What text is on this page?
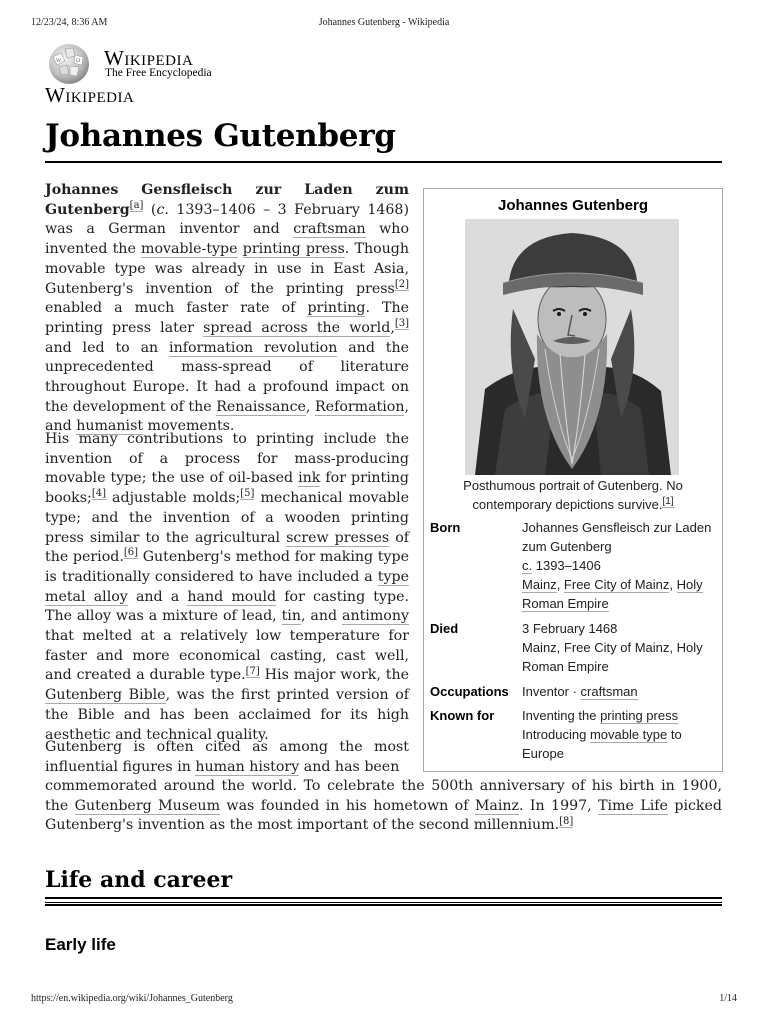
12/23/24, 8:36 AM	Johannes Gutenberg - Wikipedia
W	Ω Wikipedia
The Free Encyclopedia
Wikipedia
Johannes Gutenberg

Johannes Gensfleisch zur Laden zum Gutenberg[a] (c. 1393–1406 – 3 February 1468) was a German inventor and craftsman who invented the movable-type printing press. Though movable type was already in use in East Asia, Gutenberg's invention of the printing press[2] enabled a much faster rate of printing. The printing press later spread across the world,[3] and led to an information revolution and the unprecedented mass-spread of literature throughout Europe. It had a profound impact on the development of the Renaissance, Reformation, and humanist movements.

His many contributions to printing include the invention of a process for mass-producing movable type; the use of oil-based ink for printing books;[4] adjustable molds;[5] mechanical movable type; and the invention of a wooden printing press similar to the agricultural screw presses of the period.[6] Gutenberg's method for making type is traditionally considered to have included a type metal alloy and a hand mould for casting type. The alloy was a mixture of lead, tin, and antimony that melted at a relatively low temperature for faster and more economical casting, cast well, and created a durable type.[7] His major work, the Gutenberg Bible, was the first printed version of the Bible and has been acclaimed for its high aesthetic and technical quality.

Gutenberg is often cited as among the most influential figures in human history and has been

commemorated around the world. To celebrate the 500th anniversary of his birth in 1900, the Gutenberg Museum was founded in his hometown of Mainz. In 1997, Time Life picked Gutenberg's invention as the most important of the second millennium.[8]
Johannes Gutenberg
Posthumous portrait of Gutenberg. No contemporary depictions survive.[1]
Born	Johannes Gensfleisch zur Laden zum Gutenberg
c. 1393–1406
Mainz, Free City of Mainz, Holy Roman Empire
Died	3 February 1468
Mainz, Free City of Mainz, Holy Roman Empire
Occupations	Inventor · craftsman
Known for	Inventing the printing press
Introducing movable type to Europe
Life and career
Early life
https://en.wikipedia.org/wiki/Johannes_Gutenberg	1/14
